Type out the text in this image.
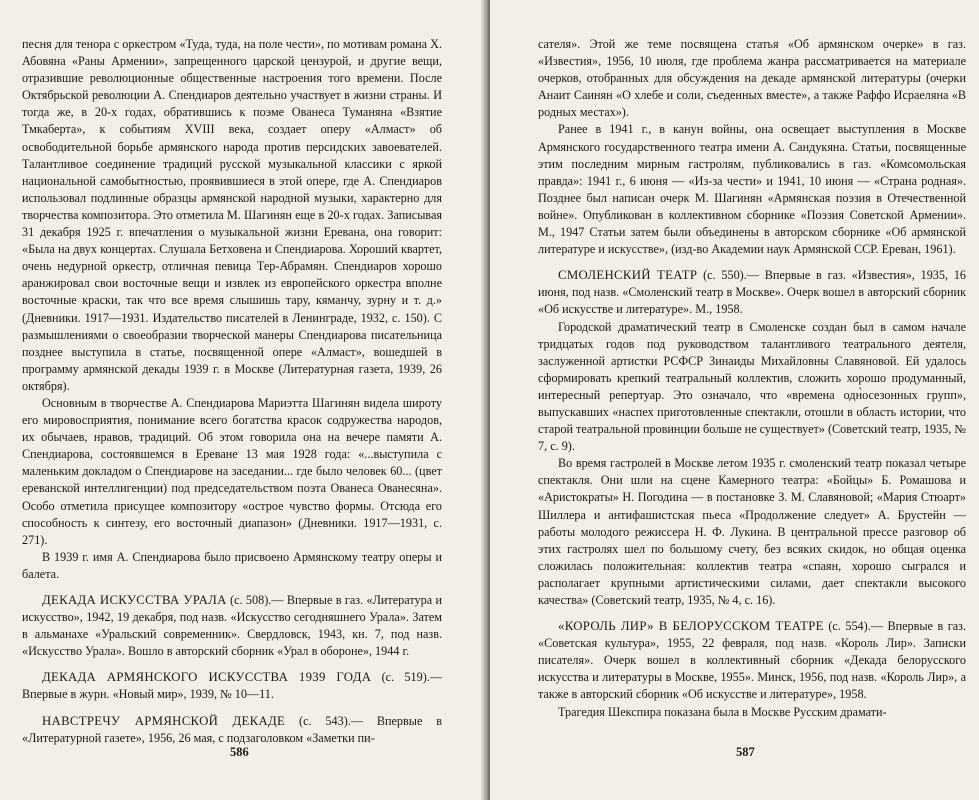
песня для тенора с оркестром «Туда, туда, на поле чести», по мотивам романа Х. Абовяна «Раны Армении», запрещенного царской цензурой, и другие вещи, отразившие революционные общественные настроения того времени. После Октябрьской революции А. Спендиаров деятельно участвует в жизни страны. И тогда же, в 20-х годах, обратившись к поэме Ованеса Туманяна «Взятие Тмкаберта», к событиям XVIII века, создает оперу «Алмаст» об освободительной борьбе армянского народа против персидских завоевателей. Талантливое соединение традиций русской музыкальной классики с яркой национальной самобытностью, проявившиеся в этой опере, где А. Спендиаров использовал подлинные образцы армянской народной музыки, характерно для творчества композитора. Это отметила М. Шагинян еще в 20-х годах. Записывая 31 декабря 1925 г. впечатления о музыкальной жизни Еревана, она говорит: «Была на двух концертах. Слушала Бетховена и Спендиарова. Хороший квартет, очень недурной оркестр, отличная певица Тер-Абрамян. Спендиаров хорошо аранжировал свои восточные вещи и извлек из европейского оркестра вполне восточные краски, так что все время слышишь тару, кяманчу, зурну и т. д.» (Дневники. 1917—1931. Издательство писателей в Ленинграде, 1932, с. 150). С размышлениями о своеобразии творческой манеры Спендиарова писательница позднее выступила в статье, посвященной опере «Алмаст», вошедшей в программу армянской декады 1939 г. в Москве (Литературная газета, 1939, 26 октября).

Основным в творчестве А. Спендиарова Мариэтта Шагинян видела широту его мировосприятия, понимание всего богатства красок содружества народов, их обычаев, нравов, традиций. Об этом говорила она на вечере памяти А. Спендиарова, состоявшемся в Ереване 13 мая 1928 года: «...выступила с маленьким докладом о Спендиарове на заседании... где было человек 60... (цвет ереванской интеллигенции) под председательством поэта Ованеса Ованесяна». Особо отметила присущее композитору «острое чувство формы. Отсюда его способность к синтезу, его восточный диапазон» (Дневники. 1917—1931, с. 271).

В 1939 г. имя А. Спендиарова было присвоено Армянскому театру оперы и балета.

ДЕКАДА ИСКУССТВА УРАЛА (с. 508).— Впервые в газ. «Литература и искусство», 1942, 19 декабря, под назв. «Искусство сегодняшнего Урала». Затем в альманахе «Уральский современник». Свердловск, 1943, кн. 7, под назв. «Искусство Урала». Вошло в авторский сборник «Урал в обороне», 1944 г.

ДЕКАДА АРМЯНСКОГО ИСКУССТВА 1939 ГОДА (с. 519).— Впервые в журн. «Новый мир», 1939, № 10—11.

НАВСТРЕЧУ АРМЯНСКОЙ ДЕКАДЕ (с. 543).— Впервые в «Литературной газете», 1956, 26 мая, с подзаголовком «Заметки пи-

586

сателя». Этой же теме посвящена статья «Об армянском очерке» в газ. «Известия», 1956, 10 июля, где проблема жанра рассматривается на материале очерков, отобранных для обсуждения на декаде армянской литературы (очерки Анаит Саинян «О хлебе и соли, съеденных вместе», а также Раффо Исраеляна «В родных местах»).

Ранее в 1941 г., в канун войны, она освещает выступления в Москве Армянского государственного театра имени А. Сандукяна. Статьи, посвященные этим последним мирным гастролям, публиковались в газ. «Комсомольская правда»: 1941 г., 6 июня — «Из-за чести» и 1941, 10 июня — «Страна родная». Позднее был написан очерк М. Шагинян «Армянская поэзия в Отечественной войне». Опубликован в коллективном сборнике «Поэзия Советской Армении». М., 1947 Статьи затем были объединены в авторском сборнике «Об армянской литературе и искусстве», (изд-во Академии наук Армянской ССР. Ереван, 1961).

СМОЛЕНСКИЙ ТЕАТР (с. 550).— Впервые в газ. «Известия», 1935, 16 июня, под назв. «Смоленский театр в Москве». Очерк вошел в авторский сборник «Об искусстве и литературе». М., 1958.

Городской драматический театр в Смоленске создан был в самом начале тридцатых годов под руководством талантливого театрального деятеля, заслуженной артистки РСФСР Зинаиды Михайловны Славяновой. Ей удалось сформировать крепкий театральный коллектив, сложить хорошо продуманный, интересный репертуар. Это означало, что «времена одн̀осезонных групп», выпускавших «наспех приготовленные спектакли, отошли в область истории, что старой театральной провинции больше не существует» (Советский театр, 1935, № 7, с. 9).

Во время гастролей в Москве летом 1935 г. смоленский театр показал четыре спектакля. Они шли на сцене Камерного театра: «Бойцы» Б. Ромашова и «Аристократы» Н. Погодина — в постановке З. М. Славяновой; «Мария Стюарт» Шиллера и антифашистская пьеса «Продолжение следует» А. Брустейн — работы молодого режиссера Н. Ф. Лукина. В центральной прессе разговор об этих гастролях шел по большому счету, без всяких скидок, но общая оценка сложилась положительная: коллектив театра «спаян, хорошо сыгрался и располагает крупными артистическими силами, дает спектакли высокого качества» (Советский театр, 1935, № 4, с. 16).

«КОРОЛЬ ЛИР» В БЕЛОРУССКОМ ТЕАТРЕ (с. 554).— Впервые в газ. «Советская культура», 1955, 22 февраля, под назв. «Король Лир». Записки писателя». Очерк вошел в коллективный сборник «Декада белорусского искусства и литературы в Москве, 1955». Минск, 1956, под назв. «Король Лир», а также в авторский сборник «Об искусстве и литературе», 1958.

Трагедия Шекспира показана была в Москве Русским драмати-

587
